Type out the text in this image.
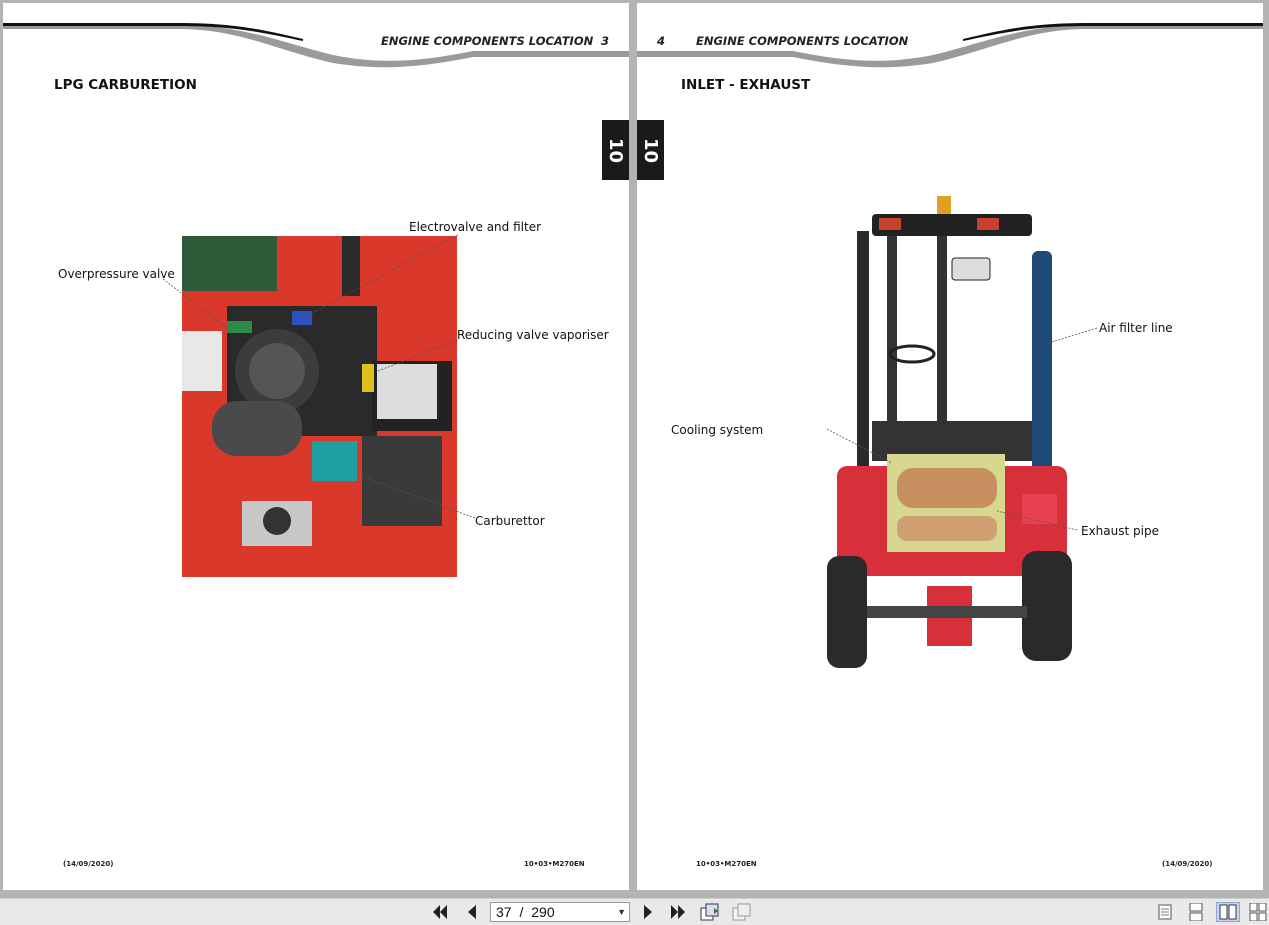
ENGINE COMPONENTS LOCATION 3
LPG CARBURETION
10
Electrovalve and filter
Overpressure valve
Reducing valve vaporiser
Carburettor
(14/09/2020)	10•03•M270EN
4	ENGINE COMPONENTS LOCATION
INLET - EXHAUST
10
Air filter line
Cooling system
Exhaust pipe
10•03•M270EN	(14/09/2020)
37 / 290	▼
